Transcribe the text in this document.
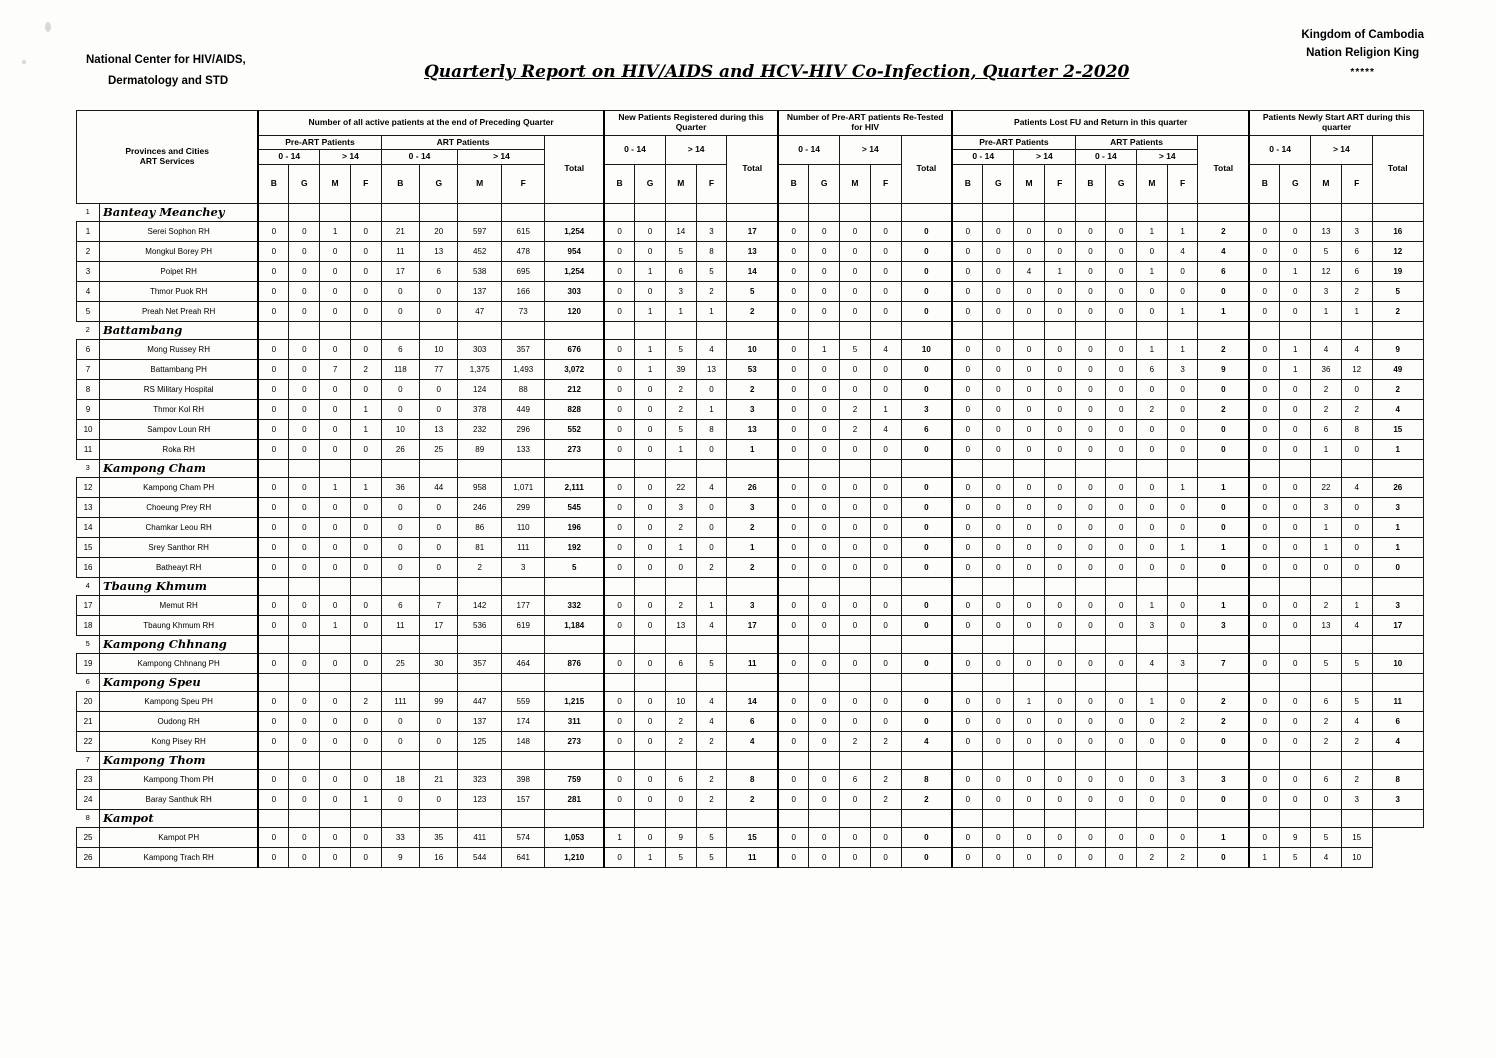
National Center for HIV/AIDS,
Dermatology and STD
Kingdom of Cambodia
Nation Religion King
*****
Quarterly Report on HIV/AIDS and HCV-HIV Co-Infection, Quarter 2-2020
Provinces and Cities
ART Services		Number of all active patients at the end of Preceding Quarter									New Patients Registered during this Quarter					Number of Pre-ART patients Re-Tested for HIV					Patients Lost FU and Return in this quarter									Patients Newly Start ART during this quarter				
		Pre-ART Patients				ART Patients				Total	0 - 14		> 14		Total	0 - 14		> 14		Total	Pre-ART Patients				ART Patients				Total	0 - 14		> 14		Total
		0 - 14		> 14		0 - 14		> 14													0 - 14		> 14		0 - 14		> 14							
		B	G	M	F	B	G	M	F		B	G	M	F		B	G	M	F		B	G	M	F	B	G	M	F		B	G	M	F	
1	Banteay Meanchey																																	
1	Serei Sophon RH	0	0	1	0	21	20	597	615	1,254	0	0	14	3	17	0	0	0	0	0	0	0	0	0	0	0	1	1	2	0	0	13	3	16
2	Mongkul Borey PH	0	0	0	0	11	13	452	478	954	0	0	5	8	13	0	0	0	0	0	0	0	0	0	0	0	0	4	4	0	0	5	6	12
3	Poipet RH	0	0	0	0	17	6	538	695	1,254	0	1	6	5	14	0	0	0	0	0	0	0	4	1	0	0	1	0	6	0	1	12	6	19
4	Thmor Puok RH	0	0	0	0	0	0	137	166	303	0	0	3	2	5	0	0	0	0	0	0	0	0	0	0	0	0	0	0	0	0	3	2	5
5	Preah Net Preah RH	0	0	0	0	0	0	47	73	120	0	1	1	1	2	0	0	0	0	0	0	0	0	0	0	0	0	1	1	0	0	1	1	2
2	Battambang																																	
6	Mong Russey RH	0	0	0	0	6	10	303	357	676	0	1	5	4	10	0	1	5	4	10	0	0	0	0	0	0	1	1	2	0	1	4	4	9
7	Battambang PH	0	0	7	2	118	77	1,375	1,493	3,072	0	1	39	13	53	0	0	0	0	0	0	0	0	0	0	0	6	3	9	0	1	36	12	49
8	RS Military Hospital	0	0	0	0	0	0	124	88	212	0	0	2	0	2	0	0	0	0	0	0	0	0	0	0	0	0	0	0	0	0	2	0	2
9	Thmor Kol RH	0	0	0	1	0	0	378	449	828	0	0	2	1	3	0	0	2	1	3	0	0	0	0	0	0	2	0	2	0	0	2	2	4
10	Sampov Loun RH	0	0	0	1	10	13	232	296	552	0	0	5	8	13	0	0	2	4	6	0	0	0	0	0	0	0	0	0	0	0	6	8	15
11	Roka RH	0	0	0	0	26	25	89	133	273	0	0	1	0	1	0	0	0	0	0	0	0	0	0	0	0	0	0	0	0	0	1	0	1
3	Kampong Cham																																	
12	Kampong Cham PH	0	0	1	1	36	44	958	1,071	2,111	0	0	22	4	26	0	0	0	0	0	0	0	0	0	0	0	0	1	1	0	0	22	4	26
13	Choeung Prey RH	0	0	0	0	0	0	246	299	545	0	0	3	0	3	0	0	0	0	0	0	0	0	0	0	0	0	0	0	0	0	3	0	3
14	Chamkar Leou RH	0	0	0	0	0	0	86	110	196	0	0	2	0	2	0	0	0	0	0	0	0	0	0	0	0	0	0	0	0	0	1	0	1
15	Srey Santhor RH	0	0	0	0	0	0	81	111	192	0	0	1	0	1	0	0	0	0	0	0	0	0	0	0	0	0	1	1	0	0	1	0	1
16	Batheayt RH	0	0	0	0	0	0	2	3	5	0	0	0	2	2	0	0	0	0	0	0	0	0	0	0	0	0	0	0	0	0	0	0	0
4	Tbaung Khmum																																	
17	Memut RH	0	0	0	0	6	7	142	177	332	0	0	2	1	3	0	0	0	0	0	0	0	0	0	0	0	1	0	1	0	0	2	1	3
18	Tbaung Khmum RH	0	0	1	0	11	17	536	619	1,184	0	0	13	4	17	0	0	0	0	0	0	0	0	0	0	0	3	0	3	0	0	13	4	17
5	Kampong Chhnang																																	
19	Kampong Chhnang PH	0	0	0	0	25	30	357	464	876	0	0	6	5	11	0	0	0	0	0	0	0	0	0	0	0	4	3	7	0	0	5	5	10
6	Kampong Speu																																	
20	Kampong Speu PH	0	0	0	2	111	99	447	559	1,215	0	0	10	4	14	0	0	0	0	0	0	0	1	0	0	0	1	0	2	0	0	6	5	11
21	Oudong RH	0	0	0	0	0	0	137	174	311	0	0	2	4	6	0	0	0	0	0	0	0	0	0	0	0	0	2	2	0	0	2	4	6
22	Kong Pisey RH	0	0	0	0	0	0	125	148	273	0	0	2	2	4	0	0	2	2	4	0	0	0	0	0	0	0	0	0	0	0	2	2	4
7	Kampong Thom																																	
23	Kampong Thom PH	0	0	0	0	18	21	323	398	759	0	0	6	2	8	0	0	6	2	8	0	0	0	0	0	0	0	3	3	0	0	6	2	8
24	Baray Santhuk RH	0	0	0	1	0	0	123	157	281	0	0	0	2	2	0	0	0	2	2	0	0	0	0	0	0	0	0	0	0	0	0	3	3
8	Kampot																																	
25	Kampot PH	0	0	0	0	33	35	411	574	1,053	1	0	9	5	15	0	0	0	0	0	0	0	0	0	0	0	0	0	1	0	9	5	15	
26	Kampong Trach RH	0	0	0	0	9	16	544	641	1,210	0	1	5	5	11	0	0	0	0	0	0	0	0	0	0	0	2	2	0	1	5	4	10	
